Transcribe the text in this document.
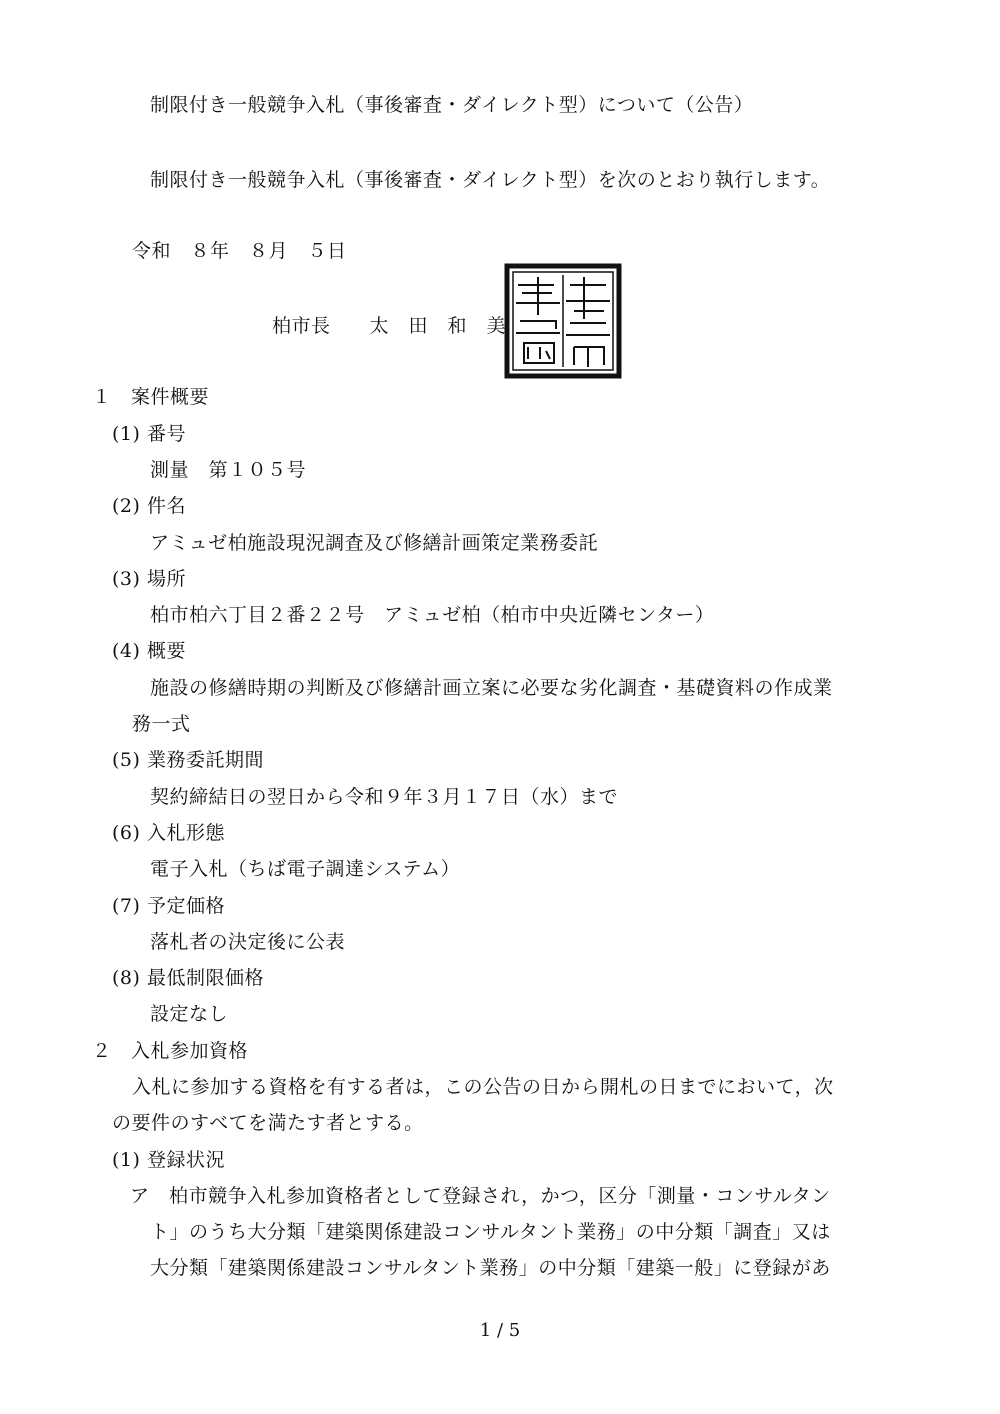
制限付き一般競争入札（事後審査・ダイレクト型）について（公告）
制限付き一般競争入札（事後審査・ダイレクト型）を次のとおり執行します。
令和　８年　８月　５日
柏市長　　太　田　和　美
１　案件概要
(1) 番号
測量　第１０５号
(2) 件名
アミュゼ柏施設現況調査及び修繕計画策定業務委託
(3) 場所
柏市柏六丁目２番２２号　アミュゼ柏（柏市中央近隣センター）
(4) 概要
施設の修繕時期の判断及び修繕計画立案に必要な劣化調査・基礎資料の作成業
務一式
(5) 業務委託期間
契約締結日の翌日から令和９年３月１７日（水）まで
(6) 入札形態
電子入札（ちば電子調達システム）
(7) 予定価格
落札者の決定後に公表
(8) 最低制限価格
設定なし
２　入札参加資格
入札に参加する資格を有する者は，この公告の日から開札の日までにおいて，次
の要件のすべてを満たす者とする。
(1) 登録状況
ア　柏市競争入札参加資格者として登録され，かつ，区分「測量・コンサルタン
ト」のうち大分類「建築関係建設コンサルタント業務」の中分類「調査」又は
大分類「建築関係建設コンサルタント業務」の中分類「建築一般」に登録があ
1 / 5
